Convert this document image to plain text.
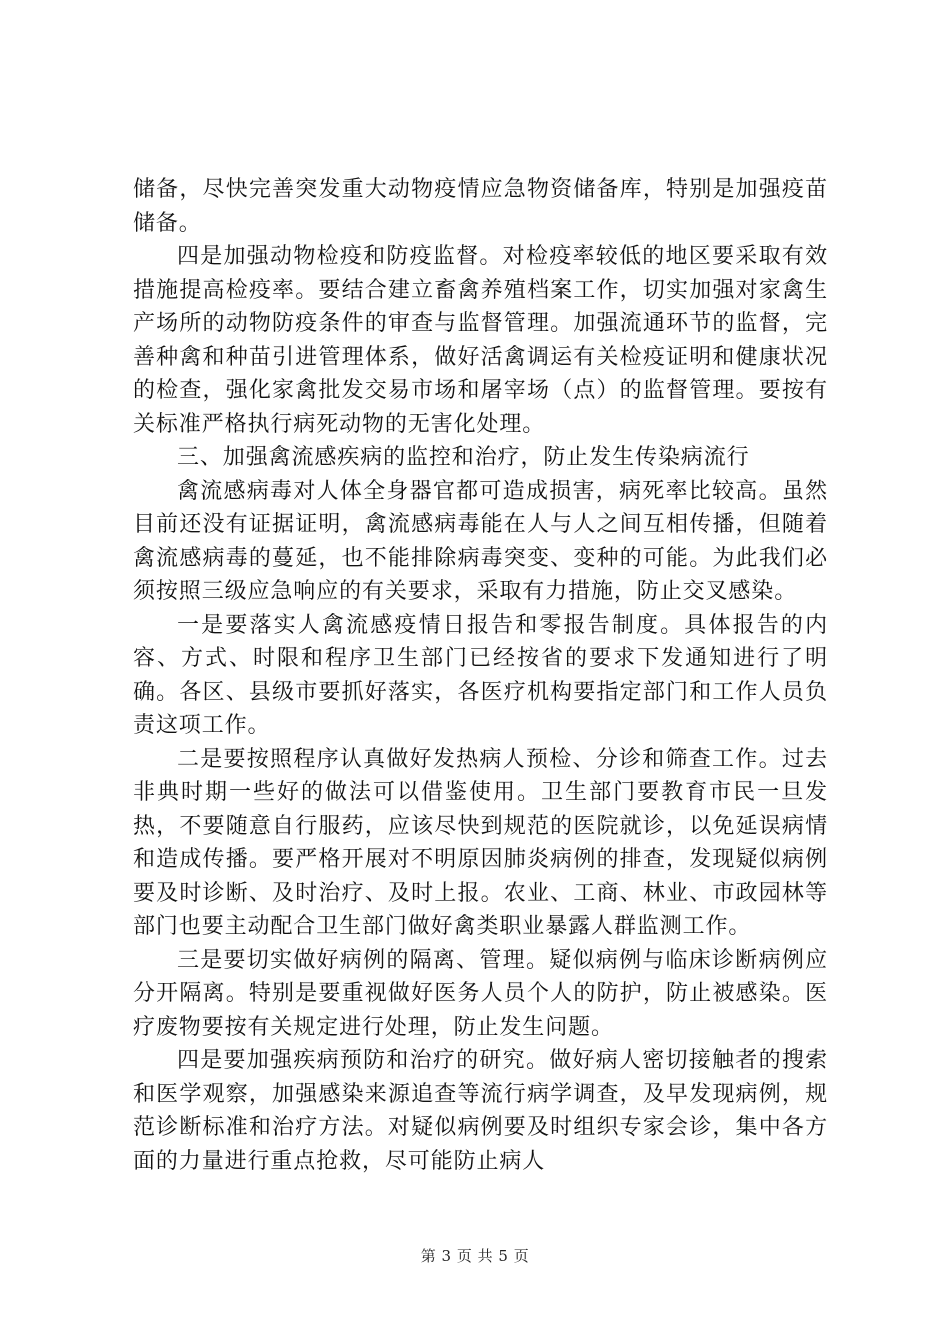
储备，尽快完善突发重大动物疫情应急物资储备库，特别是加强疫苗储备。

四是加强动物检疫和防疫监督。对检疫率较低的地区要采取有效措施提高检疫率。要结合建立畜禽养殖档案工作，切实加强对家禽生产场所的动物防疫条件的审查与监督管理。加强流通环节的监督，完善种禽和种苗引进管理体系，做好活禽调运有关检疫证明和健康状况的检查，强化家禽批发交易市场和屠宰场（点）的监督管理。要按有关标准严格执行病死动物的无害化处理。

三、加强禽流感疾病的监控和治疗，防止发生传染病流行

禽流感病毒对人体全身器官都可造成损害，病死率比较高。虽然目前还没有证据证明，禽流感病毒能在人与人之间互相传播，但随着禽流感病毒的蔓延，也不能排除病毒突变、变种的可能。为此我们必须按照三级应急响应的有关要求，采取有力措施，防止交叉感染。

一是要落实人禽流感疫情日报告和零报告制度。具体报告的内容、方式、时限和程序卫生部门已经按省的要求下发通知进行了明确。各区、县级市要抓好落实，各医疗机构要指定部门和工作人员负责这项工作。

二是要按照程序认真做好发热病人预检、分诊和筛查工作。过去非典时期一些好的做法可以借鉴使用。卫生部门要教育市民一旦发热，不要随意自行服药，应该尽快到规范的医院就诊，以免延误病情和造成传播。要严格开展对不明原因肺炎病例的排查，发现疑似病例要及时诊断、及时治疗、及时上报。农业、工商、林业、市政园林等部门也要主动配合卫生部门做好禽类职业暴露人群监测工作。

三是要切实做好病例的隔离、管理。疑似病例与临床诊断病例应分开隔离。特别是要重视做好医务人员个人的防护，防止被感染。医疗废物要按有关规定进行处理，防止发生问题。

四是要加强疾病预防和治疗的研究。做好病人密切接触者的搜索和医学观察，加强感染来源追查等流行病学调查，及早发现病例，规范诊断标准和治疗方法。对疑似病例要及时组织专家会诊，集中各方面的力量进行重点抢救，尽可能防止病人

第 3 页 共 5 页
